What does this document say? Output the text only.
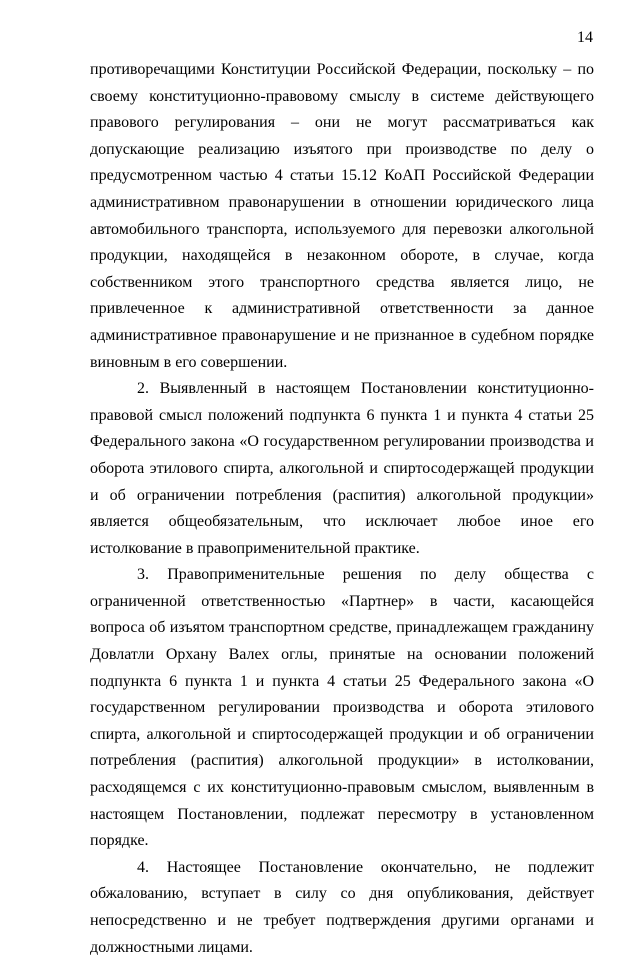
14

противоречащими Конституции Российской Федерации, поскольку – по своему конституционно-правовому смыслу в системе действующего правового регулирования – они не могут рассматриваться как допускающие реализацию изъятого при производстве по делу о предусмотренном частью 4 статьи 15.12 КоАП Российской Федерации административном правонарушении в отношении юридического лица автомобильного транспорта, используемого для перевозки алкогольной продукции, находящейся в незаконном обороте, в случае, когда собственником этого транспортного средства является лицо, не привлеченное к административной ответственности за данное административное правонарушение и не признанное в судебном порядке виновным в его совершении.

2. Выявленный в настоящем Постановлении конституционно-правовой смысл положений подпункта 6 пункта 1 и пункта 4 статьи 25 Федерального закона «О государственном регулировании производства и оборота этилового спирта, алкогольной и спиртосодержащей продукции и об ограничении потребления (распития) алкогольной продукции» является общеобязательным, что исключает любое иное его истолкование в правоприменительной практике.

3. Правоприменительные решения по делу общества с ограниченной ответственностью «Партнер» в части, касающейся вопроса об изъятом транспортном средстве, принадлежащем гражданину Довлатли Орхану Валех оглы, принятые на основании положений подпункта 6 пункта 1 и пункта 4 статьи 25 Федерального закона «О государственном регулировании производства и оборота этилового спирта, алкогольной и спиртосодержащей продукции и об ограничении потребления (распития) алкогольной продукции» в истолковании, расходящемся с их конституционно-правовым смыслом, выявленным в настоящем Постановлении, подлежат пересмотру в установленном порядке.

4. Настоящее Постановление окончательно, не подлежит обжалованию, вступает в силу со дня опубликования, действует непосредственно и не требует подтверждения другими органами и должностными лицами.
